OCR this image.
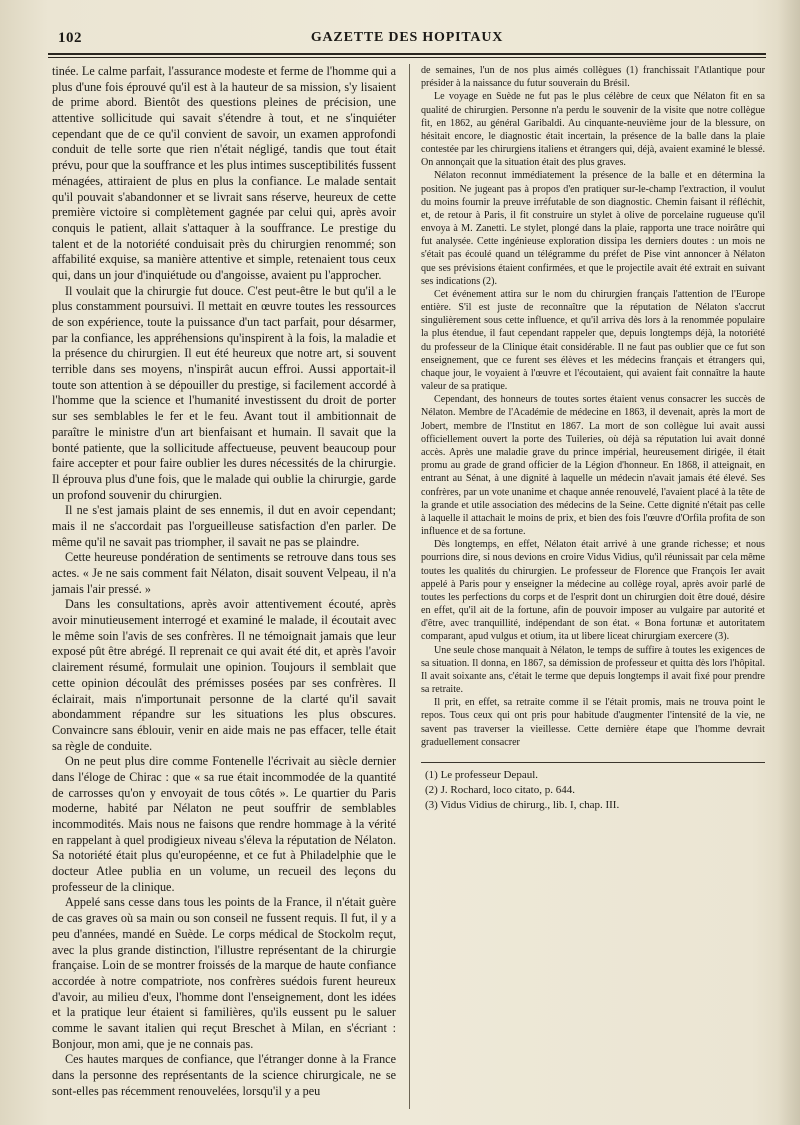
102	GAZETTE DES HOPITAUX

tinée. Le calme parfait, l'assurance modeste et ferme de l'homme qui a plus d'une fois éprouvé qu'il est à la hauteur de sa mission, s'y lisaient de prime abord. Bientôt des questions pleines de précision, une attentive sollicitude qui savait s'étendre à tout, et ne s'inquiéter cependant que de ce qu'il convient de savoir, un examen approfondi conduit de telle sorte que rien n'était négligé, tandis que tout était prévu, pour que la souffrance et les plus intimes susceptibilités fussent ménagées, attiraient de plus en plus la confiance. Le malade sentait qu'il pouvait s'abandonner et se livrait sans réserve, heureux de cette première victoire si complètement gagnée par celui qui, après avoir conquis le patient, allait s'attaquer à la souffrance. Le prestige du talent et de la notoriété conduisait près du chirurgien renommé; son affabilité exquise, sa manière attentive et simple, retenaient tous ceux qui, dans un jour d'inquiétude ou d'angoisse, avaient pu l'approcher.

Il voulait que la chirurgie fut douce. C'est peut-être le but qu'il a le plus constamment poursuivi. Il mettait en œuvre toutes les ressources de son expérience, toute la puissance d'un tact parfait, pour désarmer, par la confiance, les appréhensions qu'inspirent à la fois, la maladie et la présence du chirurgien. Il eut été heureux que notre art, si souvent terrible dans ses moyens, n'inspirât aucun effroi. Aussi apportait-il toute son attention à se dépouiller du prestige, si facilement accordé à l'homme que la science et l'humanité investissent du droit de porter sur ses semblables le fer et le feu. Avant tout il ambitionnait de paraître le ministre d'un art bienfaisant et humain. Il savait que la bonté patiente, que la sollicitude affectueuse, peuvent beaucoup pour faire accepter et pour faire oublier les dures nécessités de la chirurgie. Il éprouva plus d'une fois, que le malade qui oublie la chirurgie, garde un profond souvenir du chirurgien.

Il ne s'est jamais plaint de ses ennemis, il dut en avoir cependant; mais il ne s'accordait pas l'orgueilleuse satisfaction d'en parler. De même qu'il ne savait pas triompher, il savait ne pas se plaindre.

Cette heureuse pondération de sentiments se retrouve dans tous ses actes. « Je ne sais comment fait Nélaton, disait souvent Velpeau, il n'a jamais l'air pressé. »

Dans les consultations, après avoir attentivement écouté, après avoir minutieusement interrogé et examiné le malade, il écoutait avec le même soin l'avis de ses confrères. Il ne témoignait jamais que leur exposé pût être abrégé. Il reprenait ce qui avait été dit, et après l'avoir clairement résumé, formulait une opinion. Toujours il semblait que cette opinion découlât des prémisses posées par ses confrères. Il éclairait, mais n'importunait personne de la clarté qu'il savait abondamment répandre sur les situations les plus obscures. Convaincre sans éblouir, venir en aide mais ne pas effacer, telle était sa règle de conduite.

On ne peut plus dire comme Fontenelle l'écrivait au siècle dernier dans l'éloge de Chirac : que « sa rue était incommodée de la quantité de carrosses qu'on y envoyait de tous côtés ». Le quartier du Paris moderne, habité par Nélaton ne peut souffrir de semblables incommodités. Mais nous ne faisons que rendre hommage à la vérité en rappelant à quel prodigieux niveau s'éleva la réputation de Nélaton. Sa notoriété était plus qu'européenne, et ce fut à Philadelphie que le docteur Atlee publia en un volume, un recueil des leçons du professeur de la clinique.

Appelé sans cesse dans tous les points de la France, il n'était guère de cas graves où sa main ou son conseil ne fussent requis. Il fut, il y a peu d'années, mandé en Suède. Le corps médical de Stockolm reçut, avec la plus grande distinction, l'illustre représentant de la chirurgie française. Loin de se montrer froissés de la marque de haute confiance accordée à notre compatriote, nos confrères suédois furent heureux d'avoir, au milieu d'eux, l'homme dont l'enseignement, dont les idées et la pratique leur étaient si familières, qu'ils eussent pu le saluer comme le savant italien qui reçut Breschet à Milan, en s'écriant : Bonjour, mon ami, que je ne connais pas.

Ces hautes marques de confiance, que l'étranger donne à la France dans la personne des représentants de la science chirurgicale, ne se sont-elles pas récemment renouvelées, lorsqu'il y a peu

de semaines, l'un de nos plus aimés collègues (1) franchissait l'Atlantique pour présider à la naissance du futur souverain du Brésil.

Le voyage en Suède ne fut pas le plus célèbre de ceux que Nélaton fit en sa qualité de chirurgien. Personne n'a perdu le souvenir de la visite que notre collègue fit, en 1862, au général Garibaldi. Au cinquante-neuvième jour de la blessure, on hésitait encore, le diagnostic était incertain, la présence de la balle dans la plaie contestée par les chirurgiens italiens et étrangers qui, déjà, avaient examiné le blessé. On annonçait que la situation était des plus graves.

Nélaton reconnut immédiatement la présence de la balle et en détermina la position. Ne jugeant pas à propos d'en pratiquer sur-le-champ l'extraction, il voulut du moins fournir la preuve irréfutable de son diagnostic. Chemin faisant il réfléchit, et, de retour à Paris, il fit construire un stylet à olive de porcelaine rugueuse qu'il envoya à M. Zanetti. Le stylet, plongé dans la plaie, rapporta une trace noirâtre qui fut analysée. Cette ingénieuse exploration dissipa les derniers doutes : un mois ne s'était pas écoulé quand un télégramme du préfet de Pise vint annoncer à Nélaton que ses prévisions étaient confirmées, et que le projectile avait été extrait en suivant ses indications (2).

Cet événement attira sur le nom du chirurgien français l'attention de l'Europe entière. S'il est juste de reconnaître que la réputation de Nélaton s'accrut singulièrement sous cette influence, et qu'il arriva dès lors à la renommée populaire la plus étendue, il faut cependant rappeler que, depuis longtemps déjà, la notoriété du professeur de la Clinique était considérable. Il ne faut pas oublier que ce fut son enseignement, que ce furent ses élèves et les médecins français et étrangers qui, chaque jour, le voyaient à l'œuvre et l'écoutaient, qui avaient fait connaître la haute valeur de sa pratique.

Cependant, des honneurs de toutes sortes étaient venus consacrer les succès de Nélaton. Membre de l'Académie de médecine en 1863, il devenait, après la mort de Jobert, membre de l'Institut en 1867. La mort de son collègue lui avait aussi officiellement ouvert la porte des Tuileries, où déjà sa réputation lui avait donné accès. Après une maladie grave du prince impérial, heureusement dirigée, il était promu au grade de grand officier de la Légion d'honneur. En 1868, il atteignait, en entrant au Sénat, à une dignité à laquelle un médecin n'avait jamais été élevé. Ses confrères, par un vote unanime et chaque année renouvelé, l'avaient placé à la tête de la grande et utile association des médecins de la Seine. Cette dignité n'était pas celle à laquelle il attachait le moins de prix, et bien des fois l'œuvre d'Orfila profita de son influence et de sa fortune.

Dès longtemps, en effet, Nélaton était arrivé à une grande richesse; et nous pourrions dire, si nous devions en croire Vidus Vidius, qu'il réunissait par cela même toutes les qualités du chirurgien. Le professeur de Florence que François Ier avait appelé à Paris pour y enseigner la médecine au collège royal, après avoir parlé de toutes les perfections du corps et de l'esprit dont un chirurgien doit être doué, désire en effet, qu'il ait de la fortune, afin de pouvoir imposer au vulgaire par autorité et d'être, avec tranquillité, indépendant de son état. « Bona fortunæ et autoritatem comparant, apud vulgus et otium, ita ut libere liceat chirurgiam exercere (3).

Une seule chose manquait à Nélaton, le temps de suffire à toutes les exigences de sa situation. Il donna, en 1867, sa démission de professeur et quitta dès lors l'hôpital. Il avait soixante ans, c'était le terme que depuis longtemps il avait fixé pour prendre sa retraite.

Il prit, en effet, sa retraite comme il se l'était promis, mais ne trouva point le repos. Tous ceux qui ont pris pour habitude d'augmenter l'intensité de la vie, ne savent pas traverser la vieillesse. Cette dernière étape que l'homme devrait graduellement consacrer

(1) Le professeur Depaul.
(2) J. Rochard, loco citato, p. 644.
(3) Vidus Vidius de chirurg., lib. I, chap. III.
